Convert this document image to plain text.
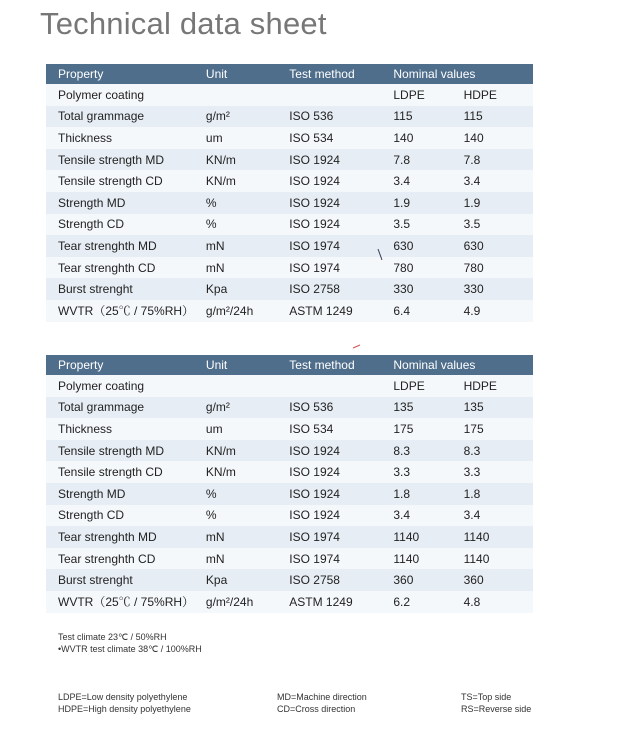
Technical data sheet
Property	Unit	Test method	Nominal values	
Polymer coating			LDPE	HDPE
Total grammage	g/m²	ISO 536	115	115
Thickness	um	ISO 534	140	140
Tensile strength MD	KN/m	ISO 1924	7.8	7.8
Tensile strength CD	KN/m	ISO 1924	3.4	3.4
Strength MD	%	ISO 1924	1.9	1.9
Strength CD	%	ISO 1924	3.5	3.5
Tear strenghth MD	mN	ISO 1974	630	630
Tear strenghth CD	mN	ISO 1974	780	780
Burst strenght	Kpa	ISO 2758	330	330
WVTR（25℃ / 75%RH）	g/m²/24h	ASTM 1249	6.4	4.9
Property	Unit	Test method	Nominal values	
Polymer coating			LDPE	HDPE
Total grammage	g/m²	ISO 536	135	135
Thickness	um	ISO 534	175	175
Tensile strength MD	KN/m	ISO 1924	8.3	8.3
Tensile strength CD	KN/m	ISO 1924	3.3	3.3
Strength MD	%	ISO 1924	1.8	1.8
Strength CD	%	ISO 1924	3.4	3.4
Tear strenghth MD	mN	ISO 1974	1140	1140
Tear strenghth CD	mN	ISO 1974	1140	1140
Burst strenght	Kpa	ISO 2758	360	360
WVTR（25℃ / 75%RH）	g/m²/24h	ASTM 1249	6.2	4.8
Test climate 23℃ / 50%RH
•WVTR test climate 38℃ / 100%RH
LDPE=Low density polyethylene
HDPE=High density polyethylene
MD=Machine direction
CD=Cross direction
TS=Top side
RS=Reverse side
